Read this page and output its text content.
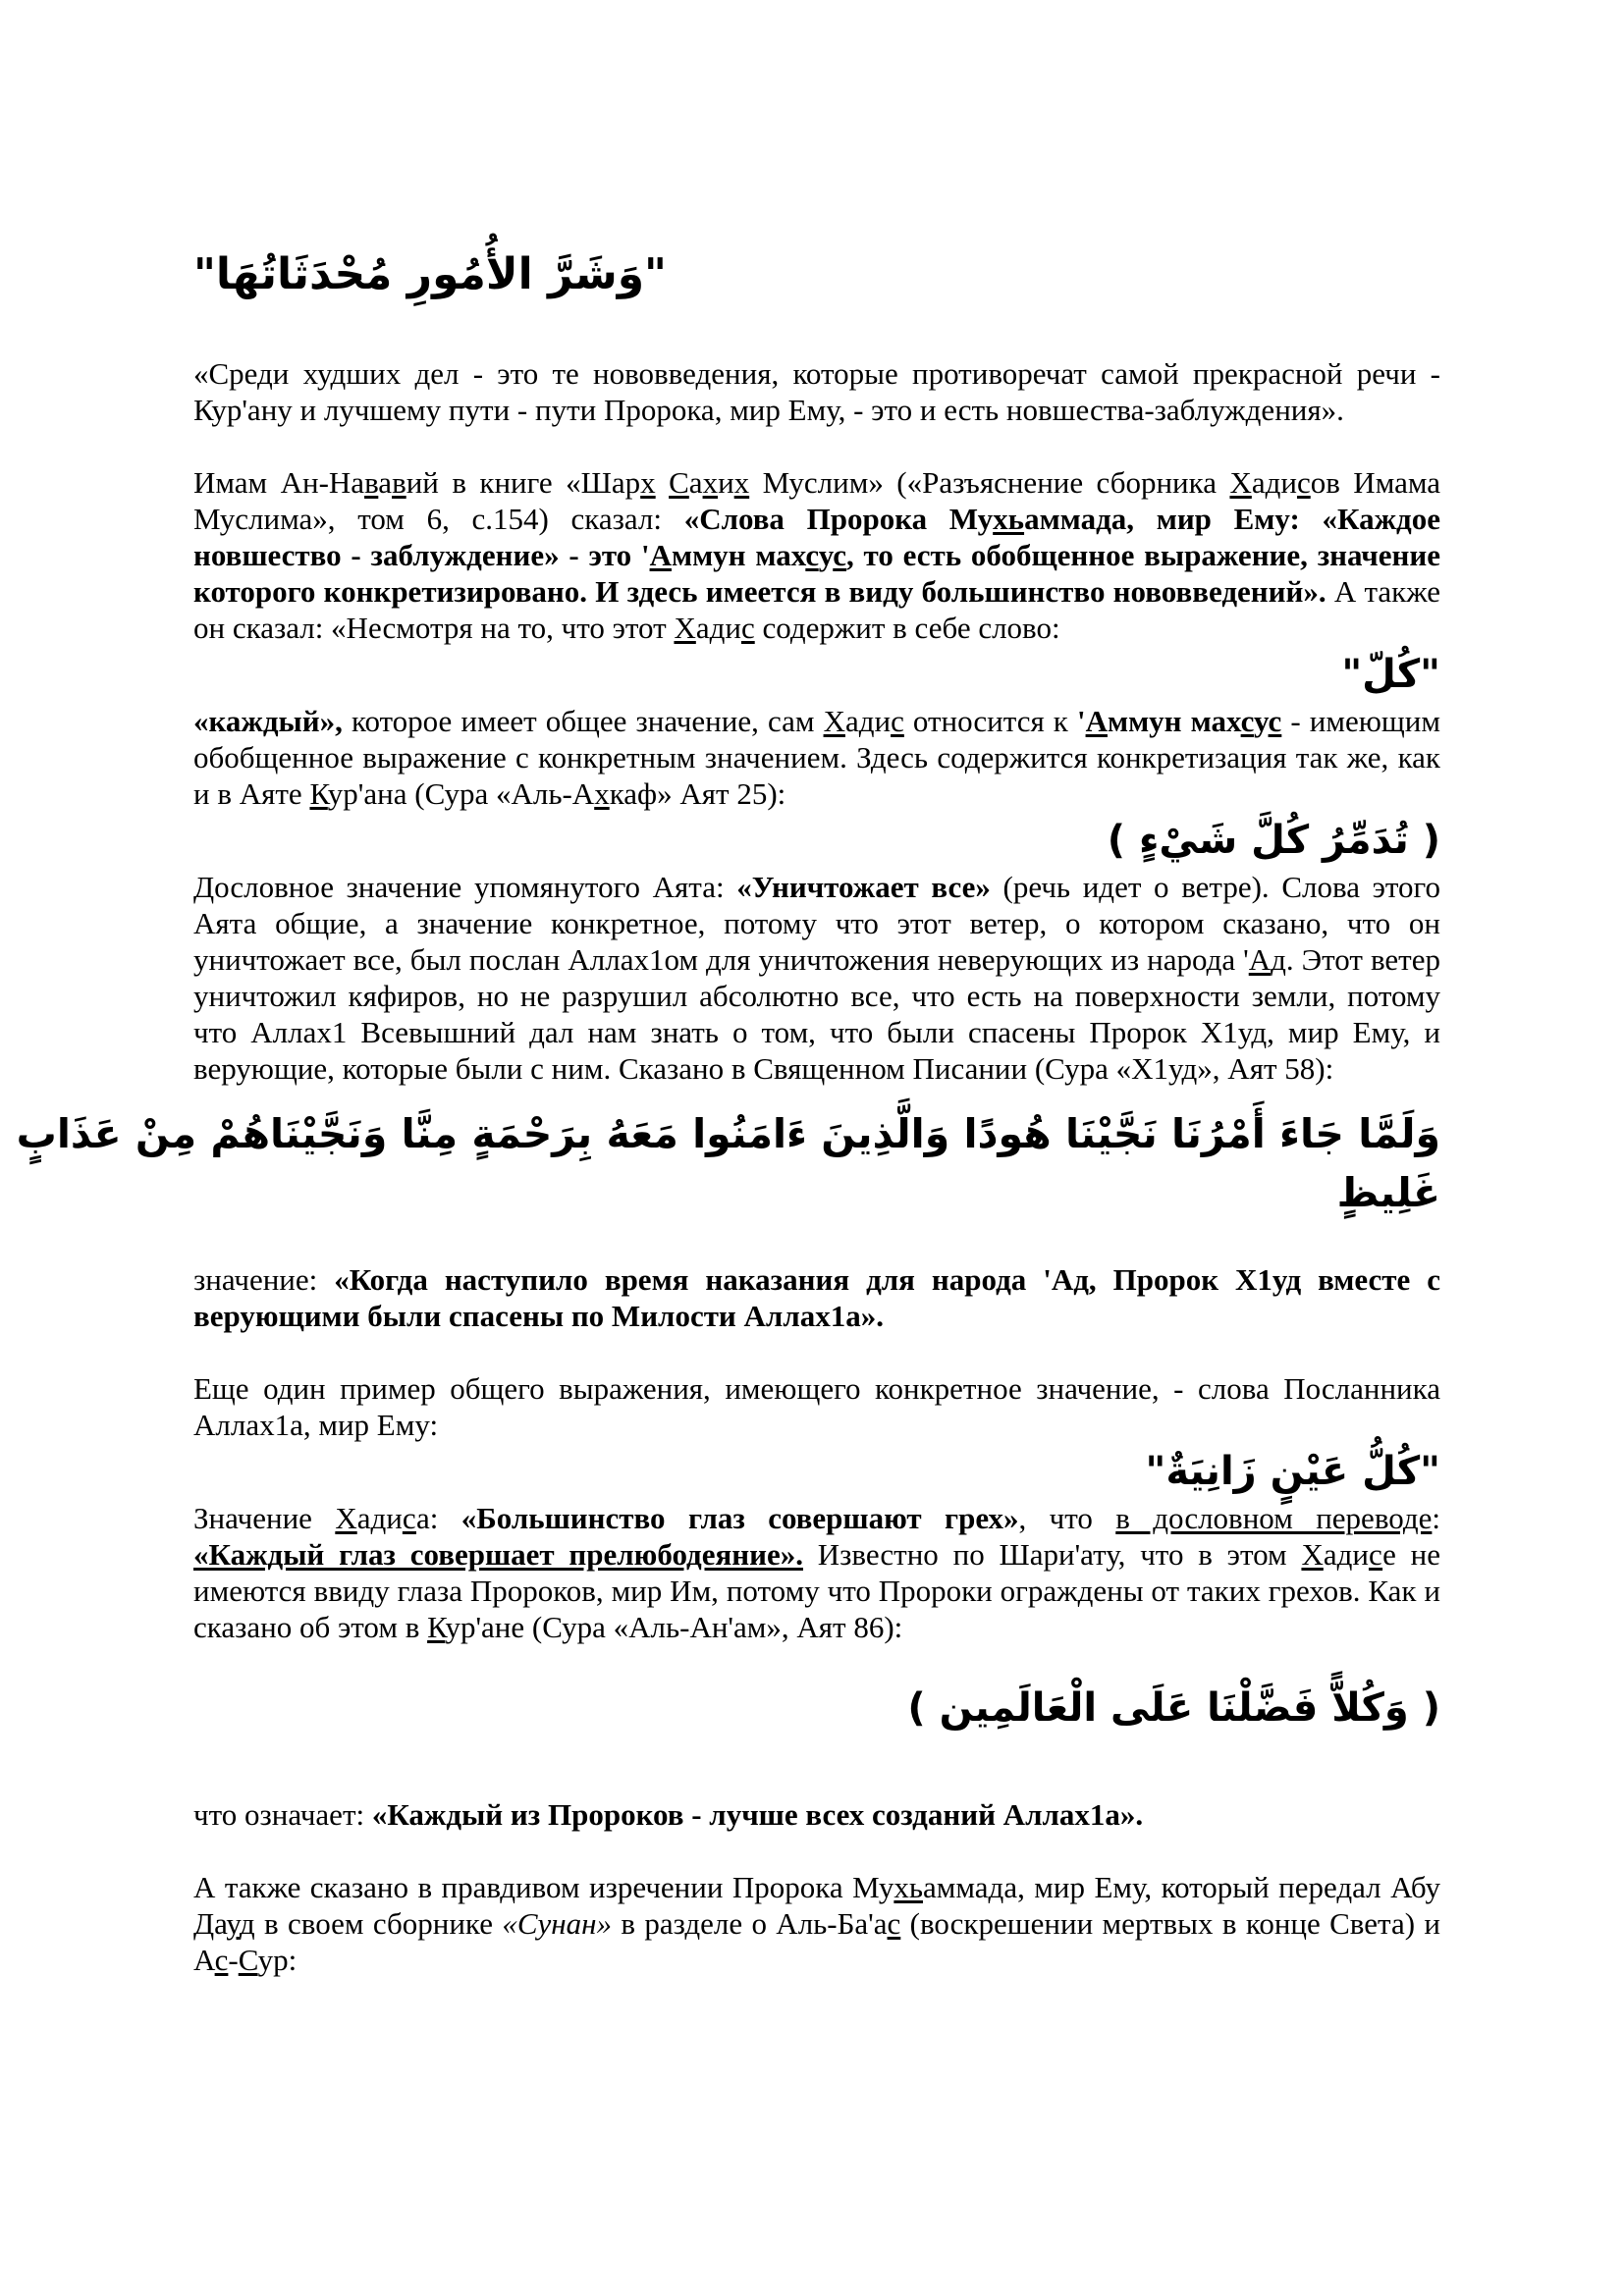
"وَشَرَّ الأُمُورِ مُحْدَثَاتُهَا"

«Среди худших дел - это те нововведения, которые противоречат самой прекрасной речи - Кур'ану и лучшему пути - пути Пророка, мир Ему, - это и есть новшества-заблуждения».

Имам Ан-Нававий в книге «Шарх Сахих Муслим» («Разъяснение сборника Хадисов Имама Муслима», том 6, с.154) сказал: «Слова Пророка Мухьаммада, мир Ему: «Каждое новшество - заблуждение» - это 'Аммун махсус, то есть обобщенное выражение, значение которого конкретизировано. И здесь имеется в виду большинство нововведений». А также он сказал: «Несмотря на то, что этот Хадис содержит в себе слово:

"كُلّ"

«каждый», которое имеет общее значение, сам Хадис относится к 'Аммун махсус - имеющим обобщенное выражение с конкретным значением. Здесь содержится конкретизация так же, как и в Аяте Кур'ана (Сура «Аль-Ахкаф» Аят 25):

( تُدَمِّرُ كُلَّ شَيْءٍ )

Дословное значение упомянутого Аята: «Уничтожает все» (речь идет о ветре). Слова этого Аята общие, а значение конкретное, потому что этот ветер, о котором сказано, что он уничтожает все, был послан Аллах1ом для уничтожения неверующих из народа 'Ад. Этот ветер уничтожил кяфиров, но не разрушил абсолютно все, что есть на поверхности земли, потому что Аллах1 Всевышний дал нам знать о том, что были спасены Пророк Х1уд, мир Ему, и верующие, которые были с ним. Сказано в Священном Писании (Сура «Х1уд», Аят 58):

وَلَمَّا جَاءَ أَمْرُنَا نَجَّيْنَا هُودًا وَالَّذِينَ ءَامَنُوا مَعَهُ بِرَحْمَةٍ مِنَّا وَنَجَّيْنَاهُمْ مِنْ عَذَابٍ
غَلِيظٍ

значение: «Когда наступило время наказания для народа 'Ад, Пророк Х1уд вместе с верующими были спасены по Милости Аллах1а».

Еще один пример общего выражения, имеющего конкретное значение, - слова Посланника Аллах1а, мир Ему:

"كُلُّ عَيْنٍ زَانِيَةٌ"

Значение Хадиса: «Большинство глаз совершают грех», что в дословном переводе: «Каждый глаз совершает прелюбодеяние». Известно по Шари'ату, что в этом Хадисе не имеются ввиду глаза Пророков, мир Им, потому что Пророки ограждены от таких грехов. Как и сказано об этом в Кур'ане (Сура «Аль-Ан'ам», Аят 86):

( وَكُلاًّ فَضَّلْنَا عَلَى الْعَالَمِين )

что означает: «Каждый из Пророков - лучше всех созданий Аллах1а».

А также сказано в правдивом изречении Пророка Мухьаммада, мир Ему, который передал Абу Дауд в своем сборнике «Сунан» в разделе о Аль-Ба'ас (воскрешении мертвых в конце Света) и Ас-Сур:
